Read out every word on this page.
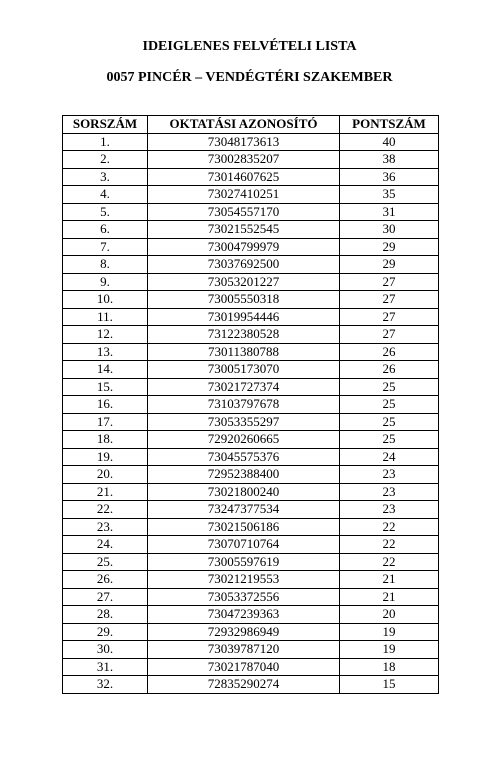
IDEIGLENES FELVÉTELI LISTA
0057 PINCÉR – VENDÉGTÉRI SZAKEMBER
SORSZÁM	OKTATÁSI AZONOSÍTÓ	PONTSZÁM
1.	73048173613	40
2.	73002835207	38
3.	73014607625	36
4.	73027410251	35
5.	73054557170	31
6.	73021552545	30
7.	73004799979	29
8.	73037692500	29
9.	73053201227	27
10.	73005550318	27
11.	73019954446	27
12.	73122380528	27
13.	73011380788	26
14.	73005173070	26
15.	73021727374	25
16.	73103797678	25
17.	73053355297	25
18.	72920260665	25
19.	73045575376	24
20.	72952388400	23
21.	73021800240	23
22.	73247377534	23
23.	73021506186	22
24.	73070710764	22
25.	73005597619	22
26.	73021219553	21
27.	73053372556	21
28.	73047239363	20
29.	72932986949	19
30.	73039787120	19
31.	73021787040	18
32.	72835290274	15
